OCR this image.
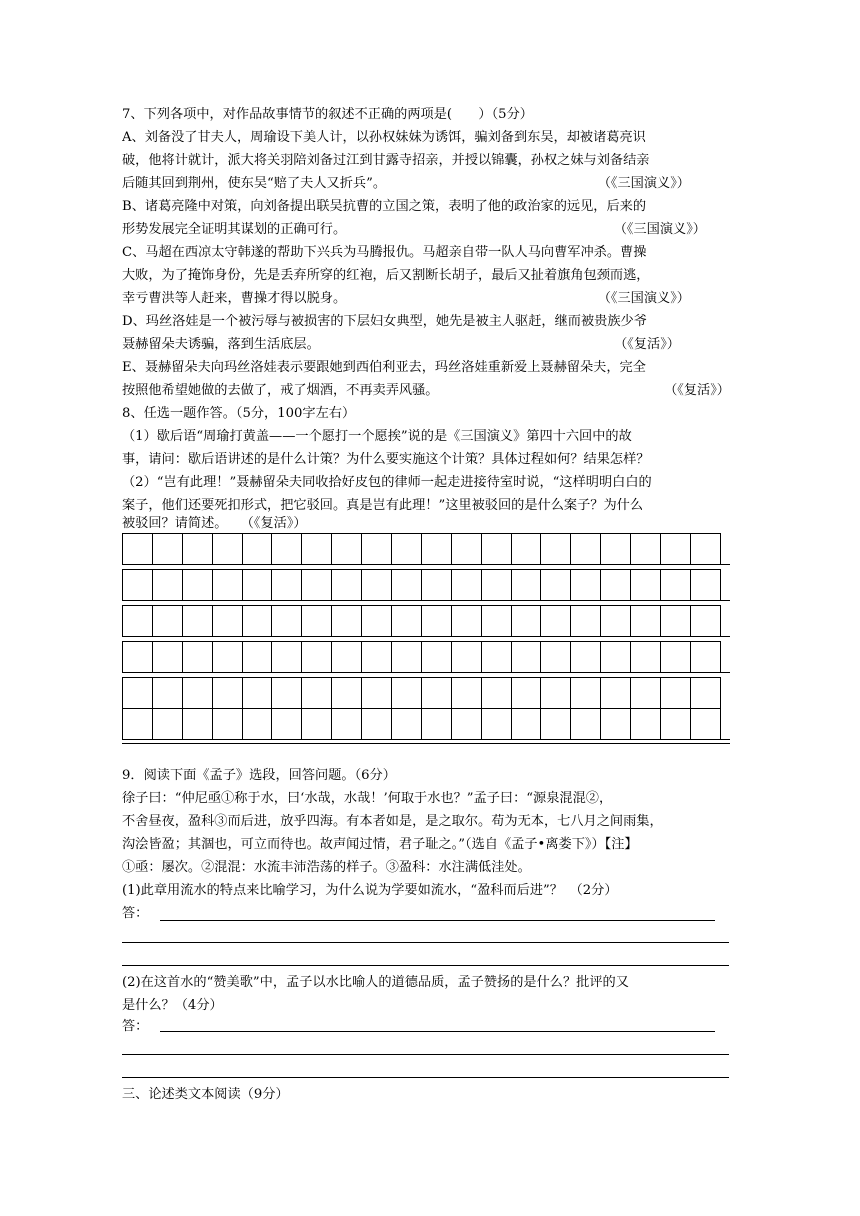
7、下列各项中，对作品故事情节的叙述不正确的两项是(　　）（5分）
A、刘备没了甘夫人，周瑜设下美人计，以孙权妹妹为诱饵，骗刘备到东吴，却被诸葛亮识
破，他将计就计，派大将关羽陪刘备过江到甘露寺招亲，并授以锦囊，孙权之妹与刘备结亲
后随其回到荆州，使东吴“赔了夫人又折兵”。	（《三国演义》）
B、诸葛亮隆中对策，向刘备提出联吴抗曹的立国之策，表明了他的政治家的远见，后来的
形势发展完全证明其谋划的正确可行。	（《三国演义》）
C、马超在西凉太守韩遂的帮助下兴兵为马腾报仇。马超亲自带一队人马向曹军冲杀。曹操
大败，为了掩饰身份，先是丢弃所穿的红袍，后又割断长胡子，最后又扯着旗角包颈而逃，
幸亏曹洪等人赶来，曹操才得以脱身。	（《三国演义》）
D、玛丝洛娃是一个被污辱与被损害的下层妇女典型，她先是被主人驱赶，继而被贵族少爷
聂赫留朵夫诱骗，落到生活底层。	（《复活》）
E、聂赫留朵夫向玛丝洛娃表示要跟她到西伯利亚去，玛丝洛娃重新爱上聂赫留朵夫，完全
按照他希望她做的去做了，戒了烟酒，不再卖弄风骚。	（《复活》）
8、任选一题作答。（5分，100字左右）
（1）歇后语“周瑜打黄盖——一个愿打一个愿挨”说的是《三国演义》第四十六回中的故
事，请问：歇后语讲述的是什么计策？为什么要实施这个计策？具体过程如何？结果怎样？
（2）“岂有此理！”聂赫留朵夫同收拾好皮包的律师一起走进接待室时说，“这样明明白白的
案子，他们还要死扣形式，把它驳回。真是岂有此理！”这里被驳回的是什么案子？为什么
被驳回？请简述。　　（《复活》）
9．阅读下面《孟子》选段，回答问题。（6分）
徐子曰：“仲尼亟①称于水，曰‘水哉，水哉！’何取于水也？”孟子曰：“源泉混混②，
不舍昼夜，盈科③而后进，放乎四海。有本者如是，是之取尔。苟为无本，七八月之间雨集，
沟浍皆盈；其涸也，可立而待也。故声闻过情，君子耻之。”（选自《孟子•离娄下》）【注】
①亟：屡次。②混混：水流丰沛浩荡的样子。③盈科：水注满低洼处。
(1)此章用流水的特点来比喻学习，为什么说为学要如流水，“盈科而后进”？　（2分）
答：
(2)在这首水的“赞美歌”中，孟子以水比喻人的道德品质，孟子赞扬的是什么？批评的又
是什么？（4分）
答：
三、论述类文本阅读（9分）
